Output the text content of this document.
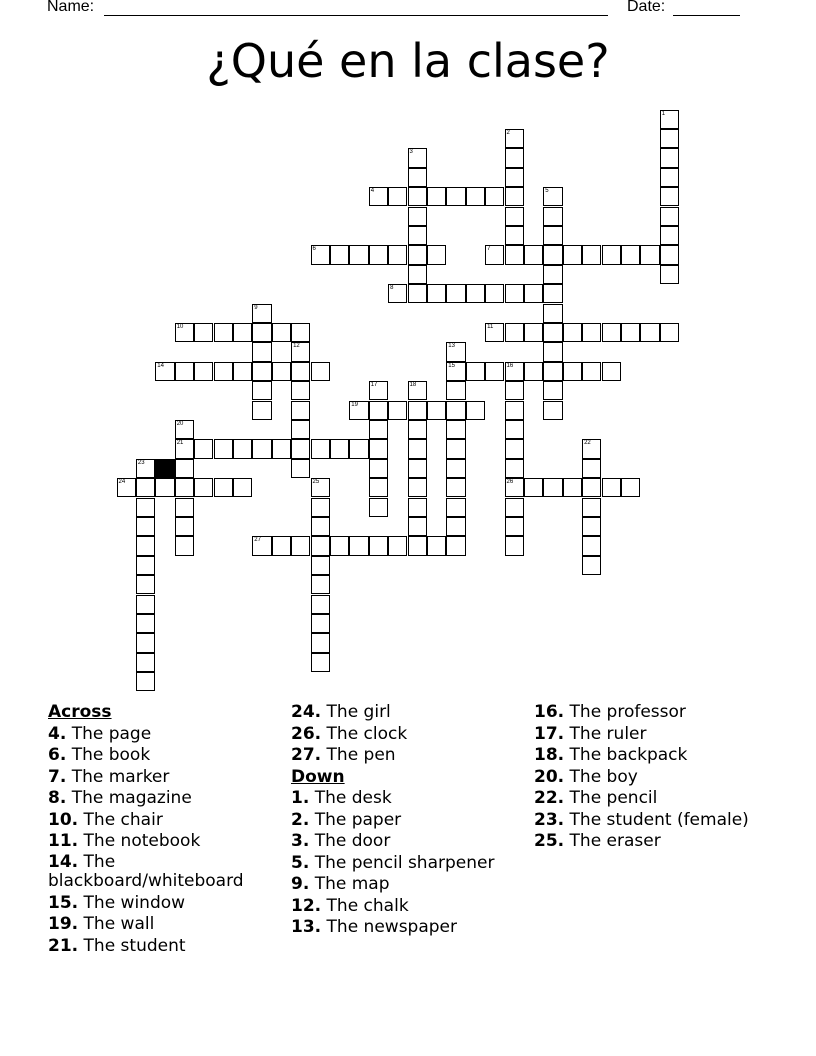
Name:	Date:
¿Qué en la clase?
1
2
3
4	5
6	7
8
9
10	11
12	13
15
14	16
26
17	18
19
20
21	22
23
24	25
27

Across

4. The page

6. The book

7. The marker

8. The magazine

10. The chair

11. The notebook

14. The blackboard/whiteboard

15. The window

19. The wall

21. The student

24. The girl

26. The clock

27. The pen

Down

1. The desk

2. The paper

3. The door

5. The pencil sharpener

9. The map

12. The chalk

13. The newspaper

16. The professor

17. The ruler

18. The backpack

20. The boy

22. The pencil

23. The student (female)

25. The eraser
